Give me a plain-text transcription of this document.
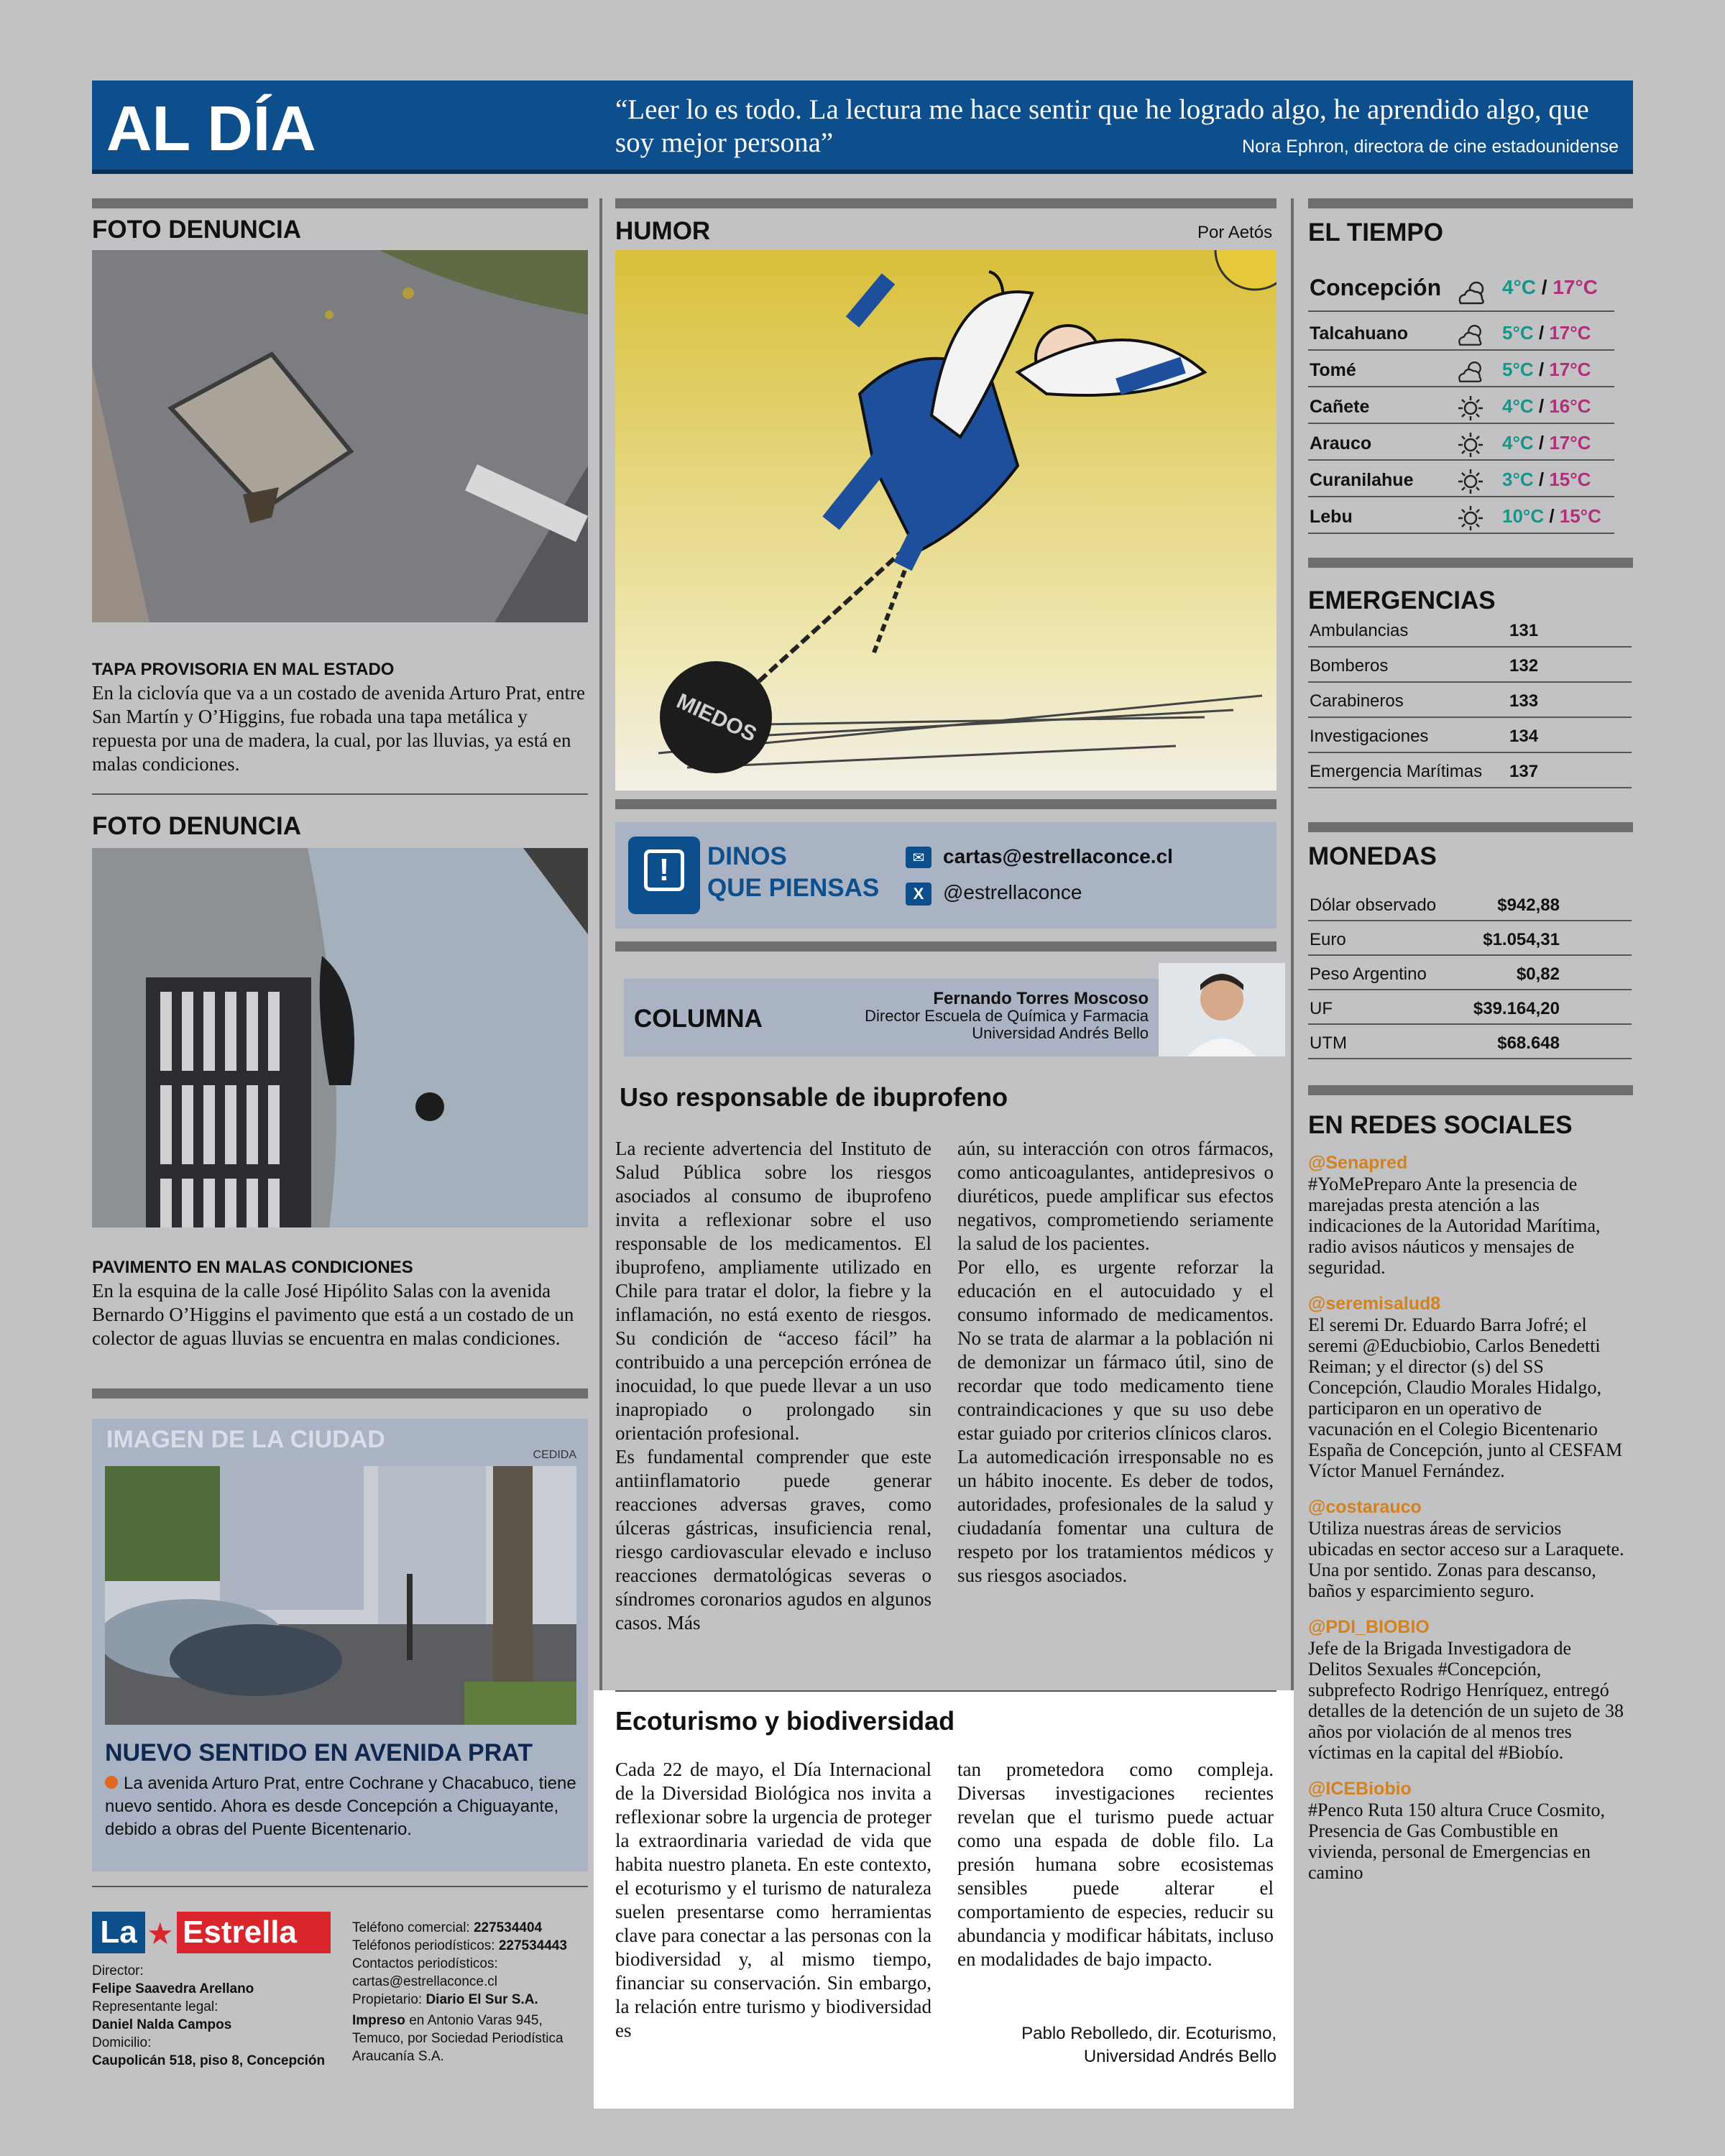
AL DÍA	“Leer lo es todo. La lectura me hace sentir que he logrado algo, he aprendido algo, que soy mejor persona”	Nora Ephron, directora de cine estadounidense
FOTO DENUNCIA
TAPA PROVISORIA EN MAL ESTADO
En la ciclovía que va a un costado de avenida Arturo Prat, entre San Martín y O’Higgins, fue robada una tapa metálica y repuesta por una de madera, la cual, por las lluvias, ya está en malas condiciones.
FOTO DENUNCIA
PAVIMENTO EN MALAS CONDICIONES
En la esquina de la calle José Hipólito Salas con la avenida Bernardo O’Higgins el pavimento que está a un costado de un colector de aguas lluvias se encuentra en malas condiciones.
IMAGEN DE LA CIUDAD
CEDIDA
NUEVO SENTIDO EN AVENIDA PRAT
La avenida Arturo Prat, entre Cochrane y Chacabuco, tiene nuevo sentido. Ahora es desde Concepción a Chiguayante, debido a obras del Puente Bicentenario.
La ★ Estrella
Director:
Felipe Saavedra Arellano
Representante legal:
Daniel Nalda Campos
Domicilio:
Caupolicán 518, piso 8, Concepción
Teléfono comercial: 227534404
Teléfonos periodísticos: 227534443
Contactos periodísticos:
cartas@estrellaconce.cl
Propietario: Diario El Sur S.A.
Impreso en Antonio Varas 945, Temuco, por Sociedad Periodística Araucanía S.A.
HUMOR	Por Aetós
MIEDOS
!	DINOS
QUE PIENSAS
✉ cartas@estrellaconce.cl
X @estrellaconce
COLUMNA
Fernando Torres Moscoso
Director Escuela de Química y Farmacia
Universidad Andrés Bello
Uso responsable de ibuprofeno

La reciente advertencia del Instituto de Salud Pública sobre los riesgos asociados al consumo de ibuprofeno invita a reflexionar sobre el uso responsable de los medicamentos. El ibuprofeno, ampliamente utilizado en Chile para tratar el dolor, la fiebre y la inflamación, no está exento de riesgos. Su condición de “acceso fácil” ha contribuido a una percepción errónea de inocuidad, lo que puede llevar a un uso inapropiado o prolongado sin orientación profesional.

Es fundamental comprender que este antiinflamatorio puede generar reacciones adversas graves, como úlceras gástricas, insuficiencia renal, riesgo cardiovascular elevado e incluso reacciones dermatológicas severas o síndromes coronarios agudos en algunos casos. Más

aún, su interacción con otros fármacos, como anticoagulantes, antidepresivos o diuréticos, puede amplificar sus efectos negativos, comprometiendo seriamente la salud de los pacientes.

Por ello, es urgente reforzar la educación en el autocuidado y el consumo informado de medicamentos. No se trata de alarmar a la población ni de demonizar un fármaco útil, sino de recordar que todo medicamento tiene contraindicaciones y que su uso debe estar guiado por criterios clínicos claros.

La automedicación irresponsable no es un hábito inocente. Es deber de todos, autoridades, profesionales de la salud y ciudadanía fomentar una cultura de respeto por los tratamientos médicos y sus riesgos asociados.

Ecoturismo y biodiversidad
Cada 22 de mayo, el Día Internacional de la Diversidad Biológica nos invita a reflexionar sobre la urgencia de proteger la extraordinaria variedad de vida que habita nuestro planeta. En este contexto, el ecoturismo y el turismo de naturaleza suelen presentarse como herramientas clave para conectar a las personas con la biodiversidad y, al mismo tiempo, financiar su conservación. Sin embargo, la relación entre turismo y biodiversidad es
tan prometedora como compleja. Diversas investigaciones recientes revelan que el turismo puede actuar como una espada de doble filo. La presión humana sobre ecosistemas sensibles puede alterar el comportamiento de especies, reducir su abundancia y modificar hábitats, incluso en modalidades de bajo impacto.
Pablo Rebolledo, dir. Ecoturismo,
Universidad Andrés Bello
EL TIEMPO
Concepción	4°C / 17°C
Talcahuano	5°C / 17°C
Tomé	5°C / 17°C
Cañete	4°C / 16°C
Arauco	4°C / 17°C
Curanilahue	3°C / 15°C
Lebu	10°C / 15°C
EMERGENCIAS
Ambulancias	131
Bomberos	132
Carabineros	133
Investigaciones	134
Emergencia Marítimas 137
MONEDAS
Dólar observado	$942,88
Euro	$1.054,31
Peso Argentino	$0,82
UF	$39.164,20
UTM	$68.648
EN REDES SOCIALES
@Senapred
#YoMePreparo Ante la presencia de marejadas presta atención a las indicaciones de la Autoridad Marítima, radio avisos náuticos y mensajes de seguridad.
@seremisalud8
El seremi Dr. Eduardo Barra Jofré; el seremi @Educbiobio, Carlos Benedetti Reiman; y el director (s) del SS Concepción, Claudio Morales Hidalgo, participaron en un operativo de vacunación en el Colegio Bicentenario España de Concepción, junto al CESFAM Víctor Manuel Fernández.
@costarauco
Utiliza nuestras áreas de servicios ubicadas en sector acceso sur a Laraquete. Una por sentido. Zonas para descanso, baños y esparcimiento seguro.
@PDI_BIOBIO
Jefe de la Brigada Investigadora de Delitos Sexuales #Concepción, subprefecto Rodrigo Henríquez, entregó detalles de la detención de un sujeto de 38 años por violación de al menos tres víctimas en la capital del #Biobío.
@ICEBiobio
#Penco Ruta 150 altura Cruce Cosmito, Presencia de Gas Combustible en vivienda, personal de Emergencias en camino
